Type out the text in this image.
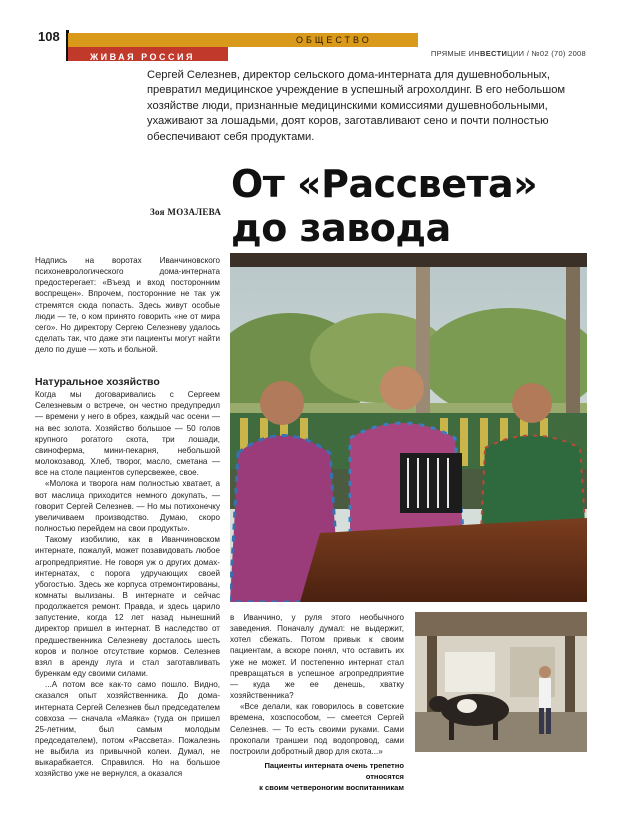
108	ОБЩЕСТВО
ЖИВАЯ РОССИЯ	ПРЯМЫЕ ИНВЕСТИЦИИ / №02 (70) 2008
Сергей Селезнев, директор сельского дома-интерната для душевнобольных, превратил медицинское учреждение в успешный агрохолдинг. В его небольшом хозяйстве люди, признанные медицинскими комиссиями душевнобольными, ухаживают за лошадьми, доят коров, заготавливают сено и почти полностью обеспечивают себя продуктами.
Зоя МОЗАЛЕВА
От «Рассвета»
до завода

Надпись на воротах Иванчиновского психоневрологического дома-интерната предостерегает: «Въезд и вход посторонним воспрещен». Впрочем, посторонние не так уж стремятся сюда попасть. Здесь живут особые люди — те, о ком принято говорить «не от мира сего». Но директору Сергею Селезневу удалось сделать так, что даже эти пациенты могут найти дело по душе — хоть и больной.

Натуральное хозяйство

Когда мы договаривались с Сергеем Селезневым о встрече, он честно предупредил — времени у него в обрез, каждый час осени — на вес золота. Хозяйство большое — 50 голов крупного рогатого скота, три лошади, свиноферма, мини-пекарня, небольшой молокозавод. Хлеб, творог, масло, сметана — все на столе пациентов суперсвежее, свое.

«Молока и творога нам полностью хватает, а вот маслица приходится немного докупать, — говорит Сергей Селезнев. — Но мы потихонечку увеличиваем производство. Думаю, скоро полностью перейдем на свои продукты».

Такому изобилию, как в Иванчиновском интернате, пожалуй, может позавидовать любое агропредприятие. Не говоря уж о других домах-интернатах, с порога удручающих своей убогостью. Здесь же корпуса отремонтированы, комнаты вылизаны. В интернате и сейчас продолжается ремонт. Правда, и здесь царило запустение, когда 12 лет назад нынешний директор пришел в интернат. В наследство от предшественника Селезневу досталось шесть коров и полное отсутствие кормов. Селезнев взял в аренду луга и стал заготавливать буренкам еду своими силами.

...А потом все как-то само пошло. Видно, сказался опыт хозяйственника. До дома-интерната Сергей Селезнев был председателем совхоза — сначала «Маяка» (туда он пришел 25-летним, был самым молодым председателем), потом «Рассвета». Пожалезнь не выбила из привычной колеи. Думал, не выкарабкается. Справился. Но на большое хозяйство уже не вернулся, а оказался

в Иванчино, у руля этого необычного заведения. Поначалу думал: не выдержит, хотел сбежать. Потом привык к своим пациентам, а вскоре понял, что оставить их уже не может. И постепенно интернат стал превращаться в успешное агропредприятие — куда же ее денешь, хватку хозяйственника?

«Все делали, как говорилось в советские времена, хозспособом, — смеется Сергей Селезнев. — То есть своими руками. Сами прокопали траншеи под водопровод, сами построили добротный двор для скота...»

Пациенты интерната очень трепетно относятся
к своим четвероногим воспитанникам
